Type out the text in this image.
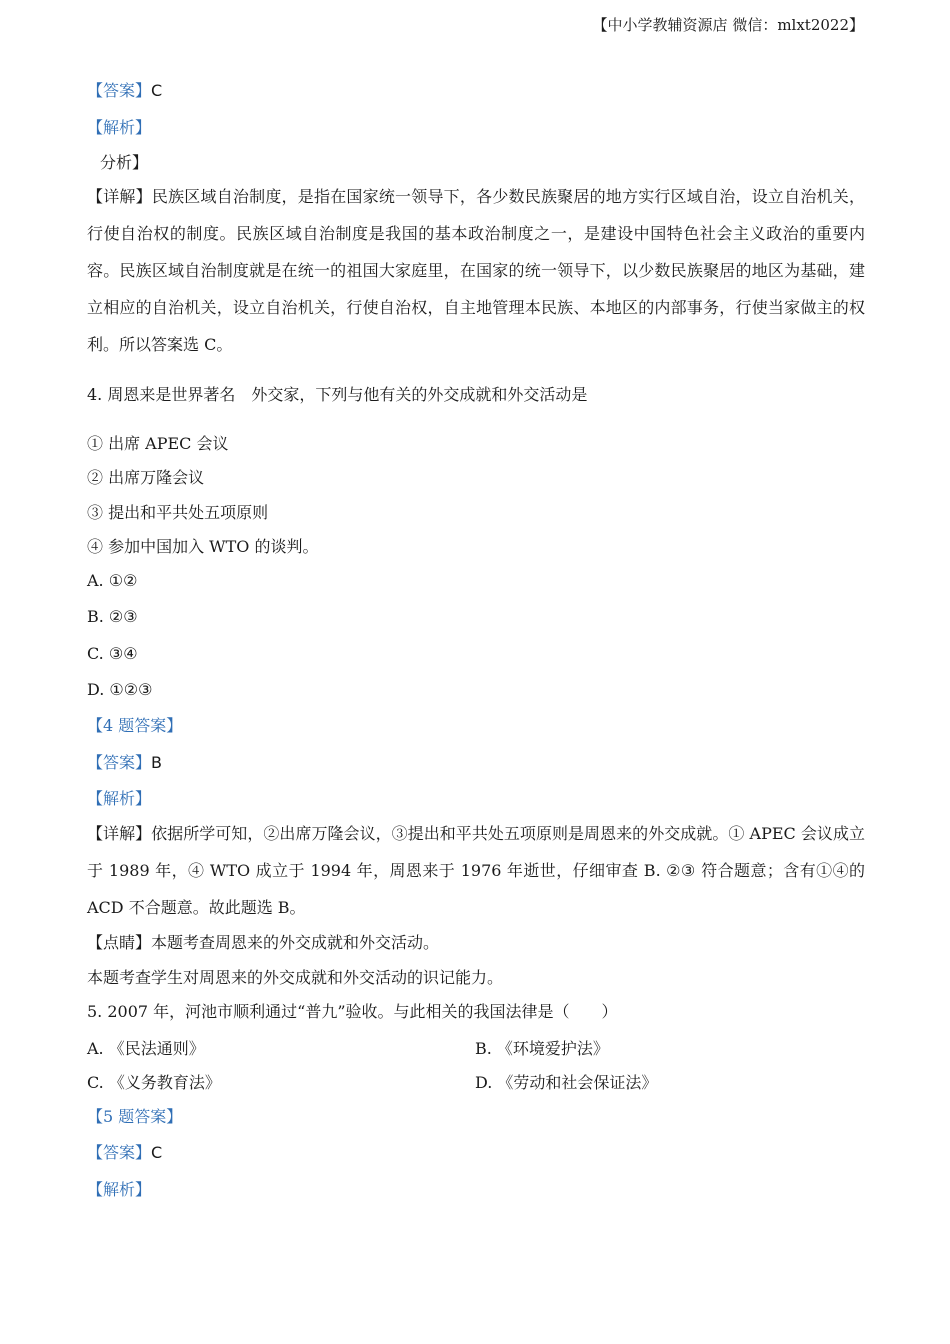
【中小学教辅资源店 微信：mlxt2022】
【答案】C
【解析】
分析】
【详解】民族区域自治制度，是指在国家统一领导下，各少数民族聚居的地方实行区域自治，设立自治机关，行使自治权的制度。民族区域自治制度是我国的基本政治制度之一，是建设中国特色社会主义政治的重要内容。民族区域自治制度就是在统一的祖国大家庭里，在国家的统一领导下，以少数民族聚居的地区为基础，建立相应的自治机关，设立自治机关，行使自治权，自主地管理本民族、本地区的内部事务，行使当家做主的权利。所以答案选 C。
4. 周恩来是世界著名　外交家，下列与他有关的外交成就和外交活动是
① 出席 APEC 会议
② 出席万隆会议
③ 提出和平共处五项原则
④ 参加中国加入 WTO 的谈判。
A. ①②
B. ②③
C. ③④
D. ①②③
【4 题答案】
【答案】B
【解析】
【详解】依据所学可知，②出席万隆会议，③提出和平共处五项原则是周恩来的外交成就。① APEC 会议成立于 1989 年，④ WTO 成立于 1994 年，周恩来于 1976 年逝世，仔细审查 B. ②③ 符合题意；含有①④的 ACD 不合题意。故此题选 B。
【点睛】本题考查周恩来的外交成就和外交活动。
本题考查学生对周恩来的外交成就和外交活动的识记能力。
5. 2007 年，河池市顺利通过“普九”验收。与此相关的我国法律是（　　）
A. 《民法通则》	B. 《环境爱护法》
C. 《义务教育法》	D. 《劳动和社会保证法》
【5 题答案】
【答案】C
【解析】
